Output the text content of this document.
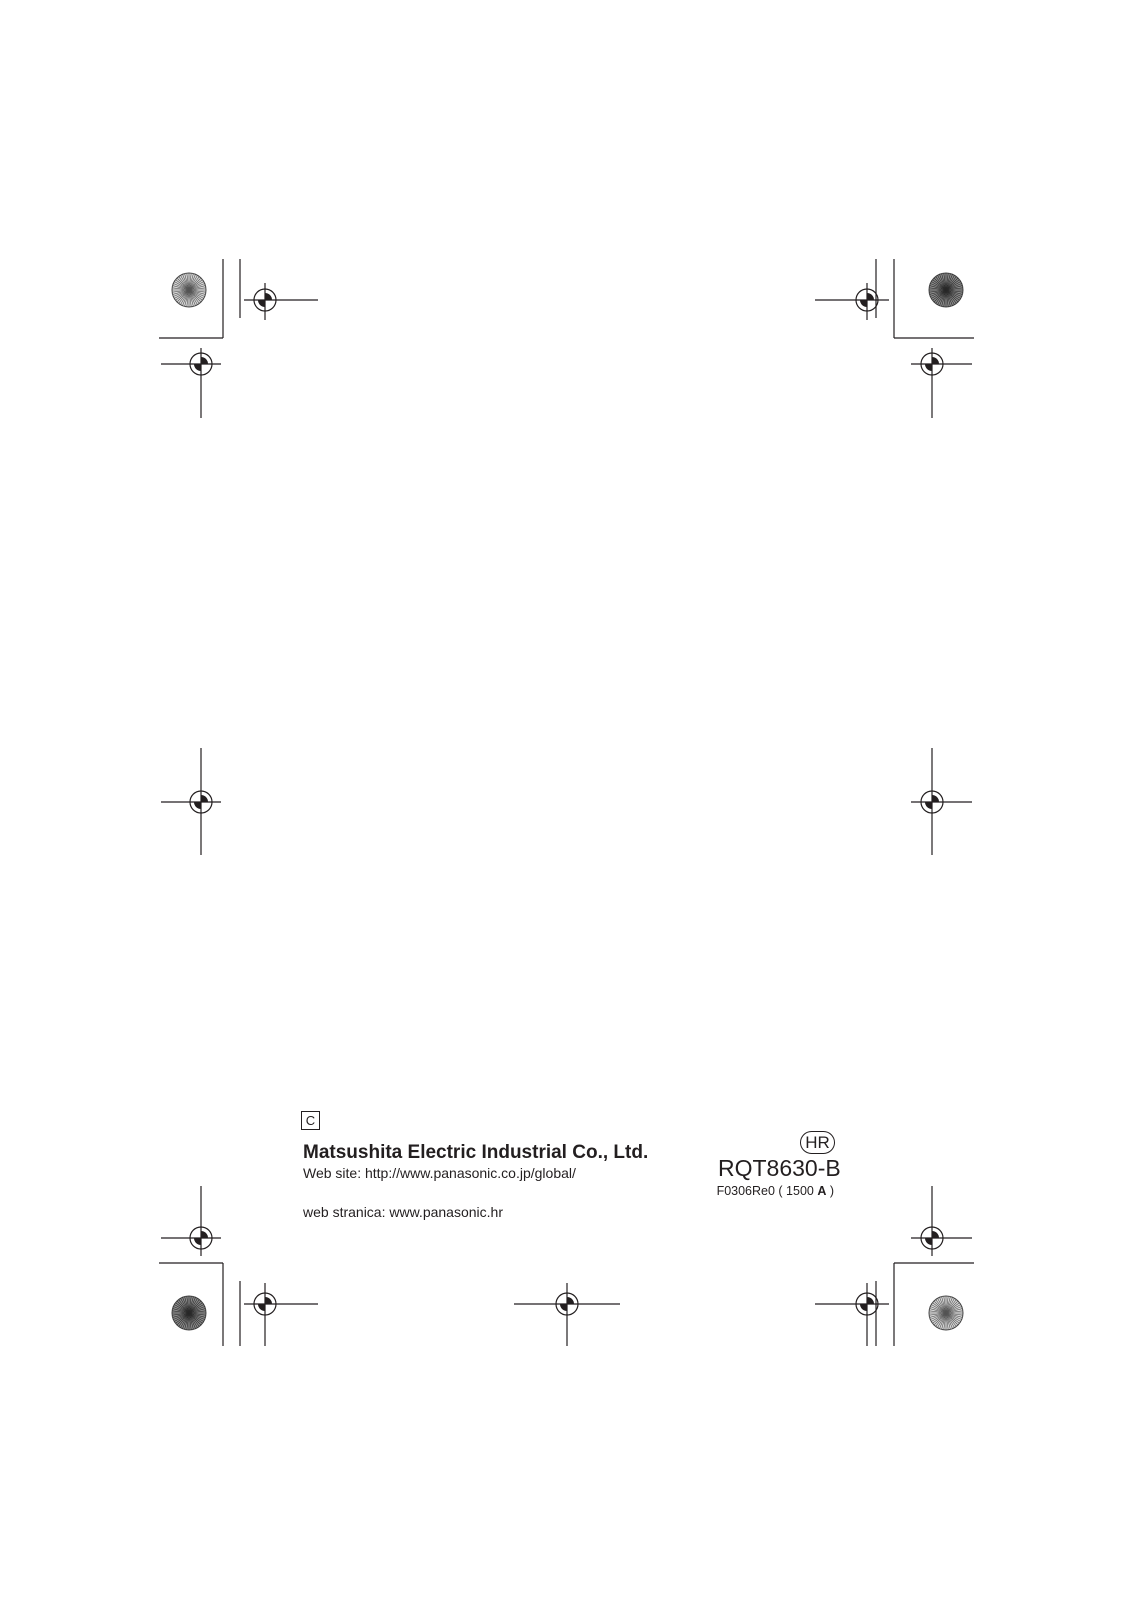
C
Matsushita Electric Industrial Co., Ltd.
Web site: http://www.panasonic.co.jp/global/
web stranica: www.panasonic.hr
HR
RQT8630-B
F0306Re0 ( 1500 A )
